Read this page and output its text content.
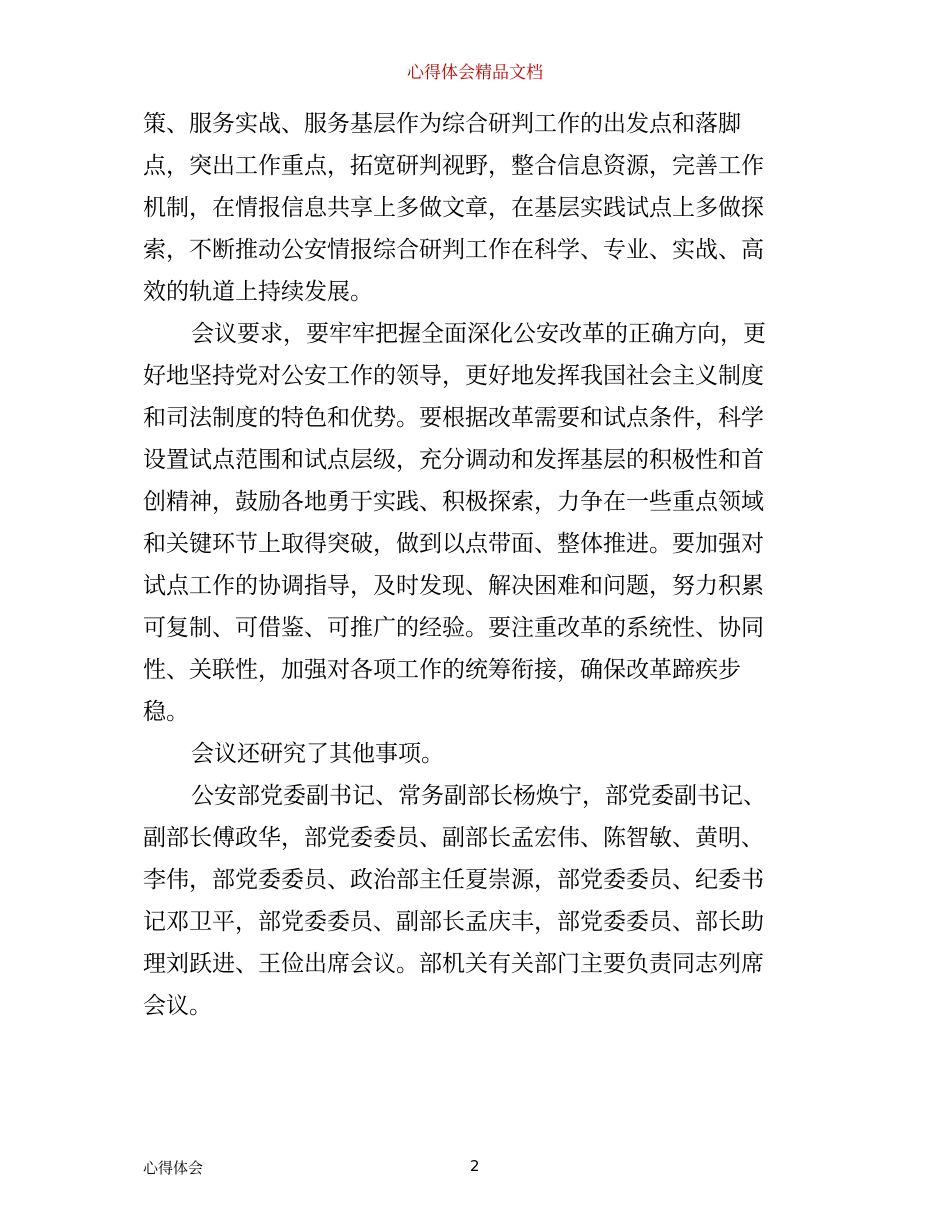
心得体会精品文档
策、服务实战、服务基层作为综合研判工作的出发点和落脚
点，突出工作重点，拓宽研判视野，整合信息资源，完善工作
机制，在情报信息共享上多做文章，在基层实践试点上多做探
索，不断推动公安情报综合研判工作在科学、专业、实战、高
效的轨道上持续发展。
会议要求，要牢牢把握全面深化公安改革的正确方向，更
好地坚持党对公安工作的领导，更好地发挥我国社会主义制度
和司法制度的特色和优势。要根据改革需要和试点条件，科学
设置试点范围和试点层级，充分调动和发挥基层的积极性和首
创精神，鼓励各地勇于实践、积极探索，力争在一些重点领域
和关键环节上取得突破，做到以点带面、整体推进。要加强对
试点工作的协调指导，及时发现、解决困难和问题，努力积累
可复制、可借鉴、可推广的经验。要注重改革的系统性、协同
性、关联性，加强对各项工作的统筹衔接，确保改革蹄疾步
稳。
会议还研究了其他事项。
公安部党委副书记、常务副部长杨焕宁，部党委副书记、
副部长傅政华，部党委委员、副部长孟宏伟、陈智敏、黄明、
李伟，部党委委员、政治部主任夏崇源，部党委委员、纪委书
记邓卫平，部党委委员、副部长孟庆丰，部党委委员、部长助
理刘跃进、王俭出席会议。部机关有关部门主要负责同志列席
会议。
心得体会	2
